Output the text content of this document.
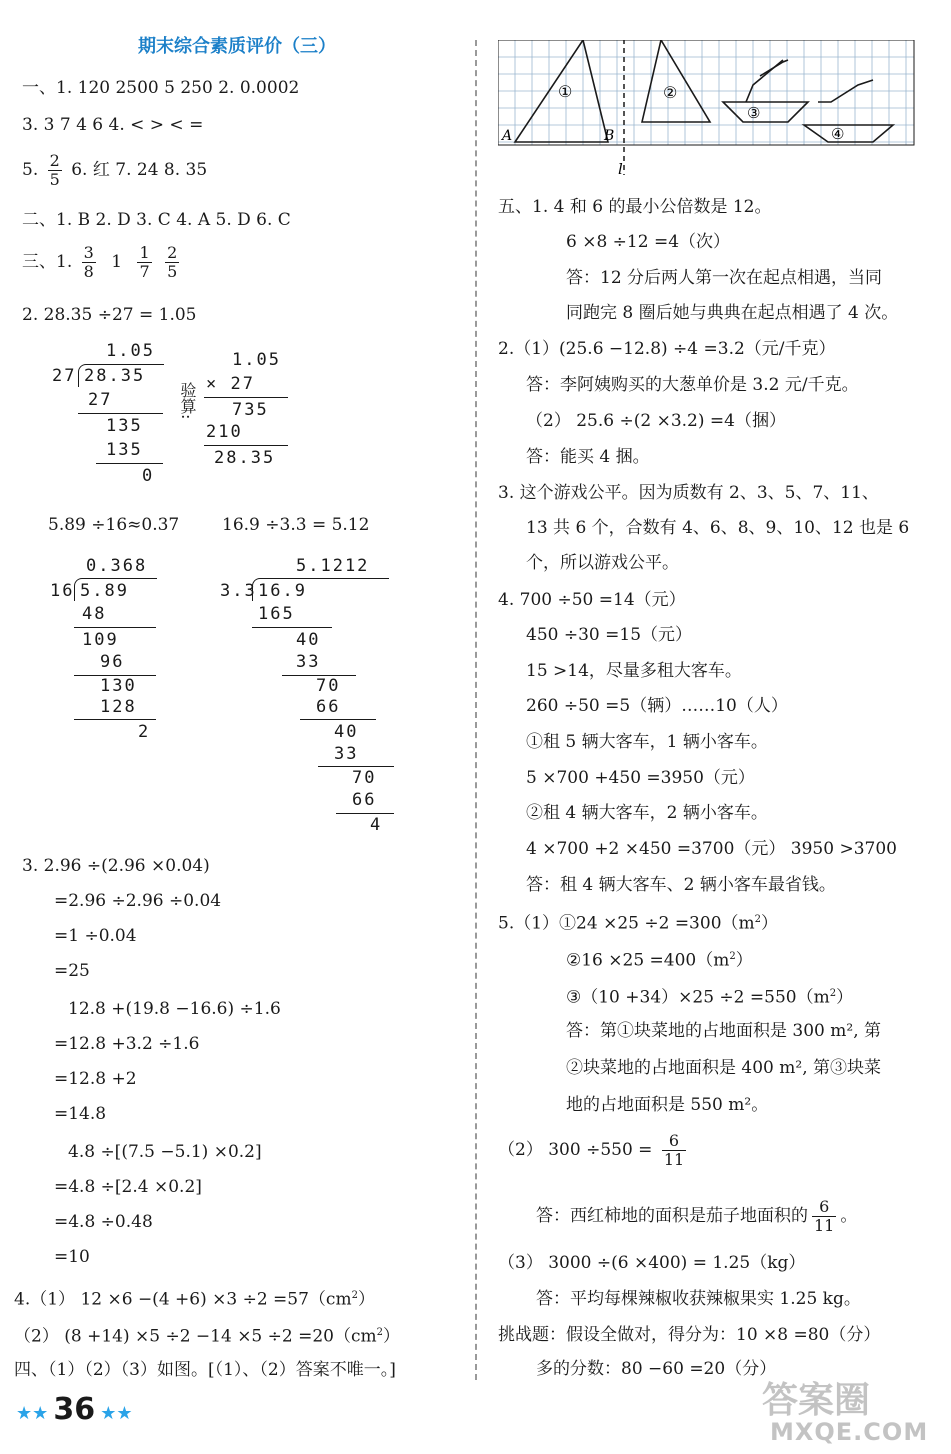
期末综合素质评价（三）
一、1. 120 2500 5 250 2. 0.0002
3. 3 7 4 6 4. < > < =
5. $\frac{2}{5} 6$. 红 7. 24 8. 35
二、1. B 2. D 3. C 4. A 5. D 6. C
三、1. $\frac{3}{8} 1 \frac{1}{7}$
$\frac{2}{5}$
2. 28.35 ÷27 = 1.05
1.05
27 28.35
27
135
135
0
验算:
1.05
× 27
735
210
28.35
5.89 ÷16≈0.37	16.9 ÷3.3 = 5.12
0.368
16 5.89
48
109
96
130
128
2
5.1212
3.3 16.9
165
40
33
70
66
40
33
70
66
4
3. 2.96 ÷(2.96 ×0.04)
=2.96 ÷2.96 ÷0.04
=1 ÷0.04
=25
12.8 +(19.8 −16.6) ÷1.6
=12.8 +3.2 ÷1.6
=12.8 +2
=14.8
4.8 ÷[(7.5 −5.1) ×0.2]
=4.8 ÷[2.4 ×0.2]
=4.8 ÷0.48
=10
4.（1） $12 \times 6 -(4 +6) \times 3 \div 2 =57(cm^2)$
（2） $(8 +14) \times 5 \div 2 -14 \times 5 \div 2 =20(cm^2)$
四、（1）（2）（3）如图。[（1）、（2）答案不唯一。]
★★ 36 ★★
A	B
l
①	②
③
④
五、1. 4 和 6 的最小公倍数是 12。
6 ×8 ÷12 =4（次）
答：12 分后两人第一次在起点相遇，当同
同跑完 8 圈后她与典典在起点相遇了 4 次。
2.（1）(25.6 −12.8) ÷4 =3.2（元/千克）
答：李阿姨购买的大葱单价是 3.2 元/千克。
（2） 25.6 ÷(2 ×3.2) =4（捆）
答：能买 4 捆。
3. 这个游戏公平。因为质数有 2、3、5、7、11、
13 共 6 个，合数有 4、6、8、9、10、12 也是 6
个，所以游戏公平。
4. 700 ÷50 =14（元）
450 ÷30 =15（元）
15 >14，尽量多租大客车。
260 ÷50 =5（辆）……10（人）
①租 5 辆大客车，1 辆小客车。
5 ×700 +450 =3950（元）
②租 4 辆大客车，2 辆小客车。
4 ×700 +2 ×450 =3700（元） 3950 >3700
答：租 4 辆大客车、2 辆小客车最省钱。
5.（1）①24 $\times 25 \div 2 =300(m^2)$
②16 $\times 25 =400(m^2)$
③（10 $+34)\times 25 \div 2 =550(m^2)$
答：第①块菜地的占地面积是 300 m², 第
②块菜地的占地面积是 400 m², 第③块菜
地的占地面积是 550 m²。
（2） $300 \div 550 = \frac{6}{11}$
答：西红柿地的面积是茄子地面积的 $\frac{6}{11}$ 。
（3） 3000 ÷(6 ×400) = 1.25（kg）
答：平均每棵辣椒收获辣椒果实 1.25 kg。
挑战题：假设全做对，得分为：10 ×8 =80（分）
多的分数：80 −60 =20（分）
答案圈
MXQE.COM
